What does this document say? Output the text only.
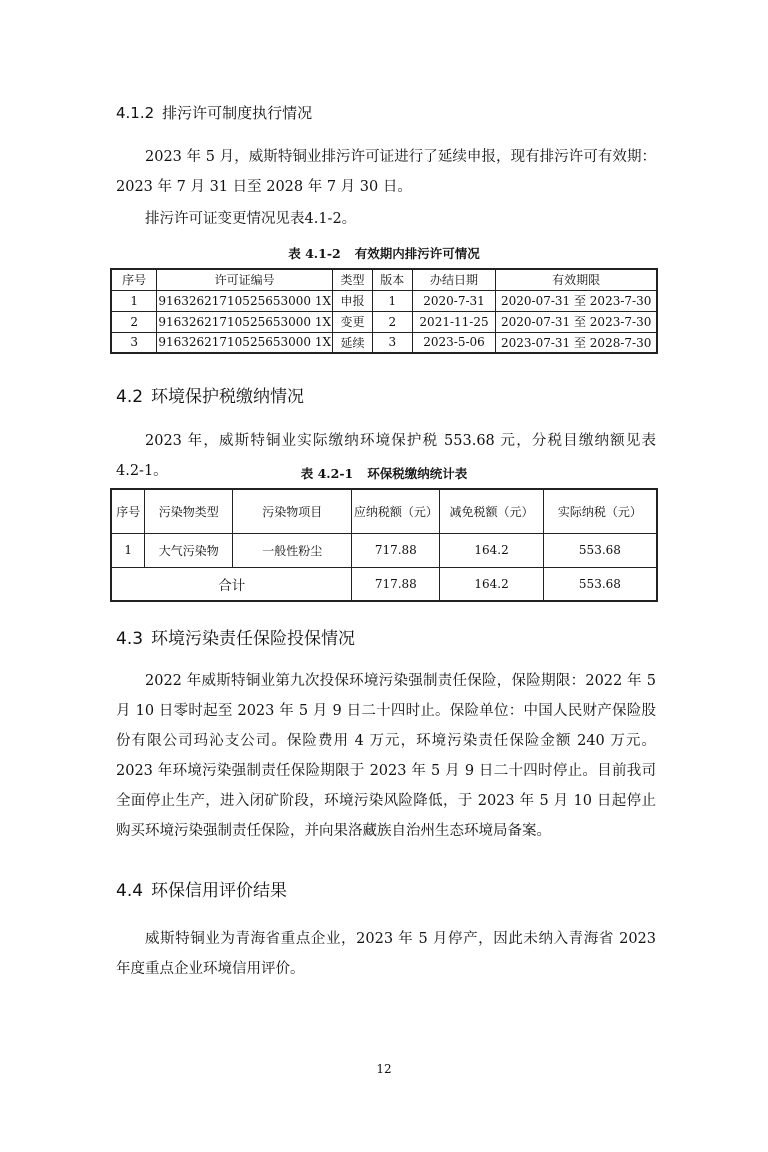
4.1.2 排污许可制度执行情况
2023 年 5 月，威斯特铜业排污许可证进行了延续申报，现有排污许可有效期：2023 年 7 月 31 日至 2028 年 7 月 30 日。
排污许可证变更情况见表4.1-2。
表 4.1-2 有效期内排污许可情况
序号	许可证编号	类型	版本	办结日期	有效期限
1	91632621710525653000 1X	申报	1	2020-7-31	2020-07-31 至 2023-7-30
2	91632621710525653000 1X	变更	2	2021-11-25	2020-07-31 至 2023-7-30
3	91632621710525653000 1X	延续	3	2023-5-06	2023-07-31 至 2028-7-30
4.2 环境保护税缴纳情况
2023 年，威斯特铜业实际缴纳环境保护税 553.68 元，分税目缴纳额见表 4.2-1。	表 4.2-1 环保税缴纳统计表
序号	污染物类型	污染物项目	应纳税额（元）	减免税额（元）	实际纳税（元）
1	大气污染物	一般性粉尘	717.88	164.2	553.68
合计			717.88	164.2	553.68
4.3 环境污染责任保险投保情况
2022 年威斯特铜业第九次投保环境污染强制责任保险，保险期限：2022 年 5 月 10 日零时起至 2023 年 5 月 9 日二十四时止。保险单位：中国人民财产保险股份有限公司玛沁支公司。保险费用 4 万元，环境污染责任保险金额 240 万元。2023 年环境污染强制责任保险期限于 2023 年 5 月 9 日二十四时停止。目前我司全面停止生产，进入闭矿阶段，环境污染风险降低，于 2023 年 5 月 10 日起停止购买环境污染强制责任保险，并向果洛藏族自治州生态环境局备案。
4.4 环保信用评价结果
威斯特铜业为青海省重点企业，2023 年 5 月停产，因此未纳入青海省 2023 年度重点企业环境信用评价。
12
